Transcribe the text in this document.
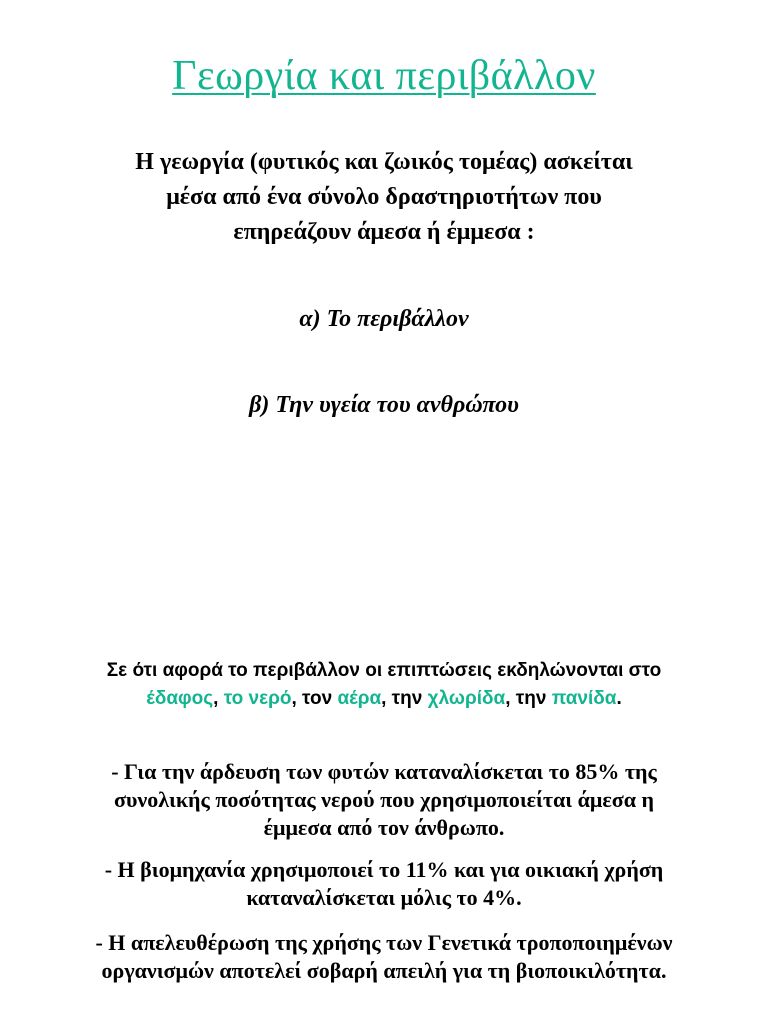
Γεωργία και περιβάλλον
Η γεωργία (φυτικός και ζωικός τομέας) ασκείται
μέσα από ένα σύνολο δραστηριοτήτων που
επηρεάζουν άμεσα ή έμμεσα :
α) Το περιβάλλον
β) Την υγεία του ανθρώπου
Σε ότι αφορά το περιβάλλον οι επιπτώσεις εκδηλώνονται στο
έδαφος, το νερό, τον αέρα, την χλωρίδα, την πανίδα.
- Για την άρδευση των φυτών καταναλίσκεται το 85% της
συνολικής ποσότητας νερού που χρησιμοποιείται άμεσα η
έμμεσα από τον άνθρωπο.
- Η βιομηχανία χρησιμοποιεί το 11% και για οικιακή χρήση
καταναλίσκεται μόλις το 4%.
- Η απελευθέρωση της χρήσης των Γενετικά τροποποιημένων
οργανισμών αποτελεί σοβαρή απειλή για τη βιοποικιλότητα.
